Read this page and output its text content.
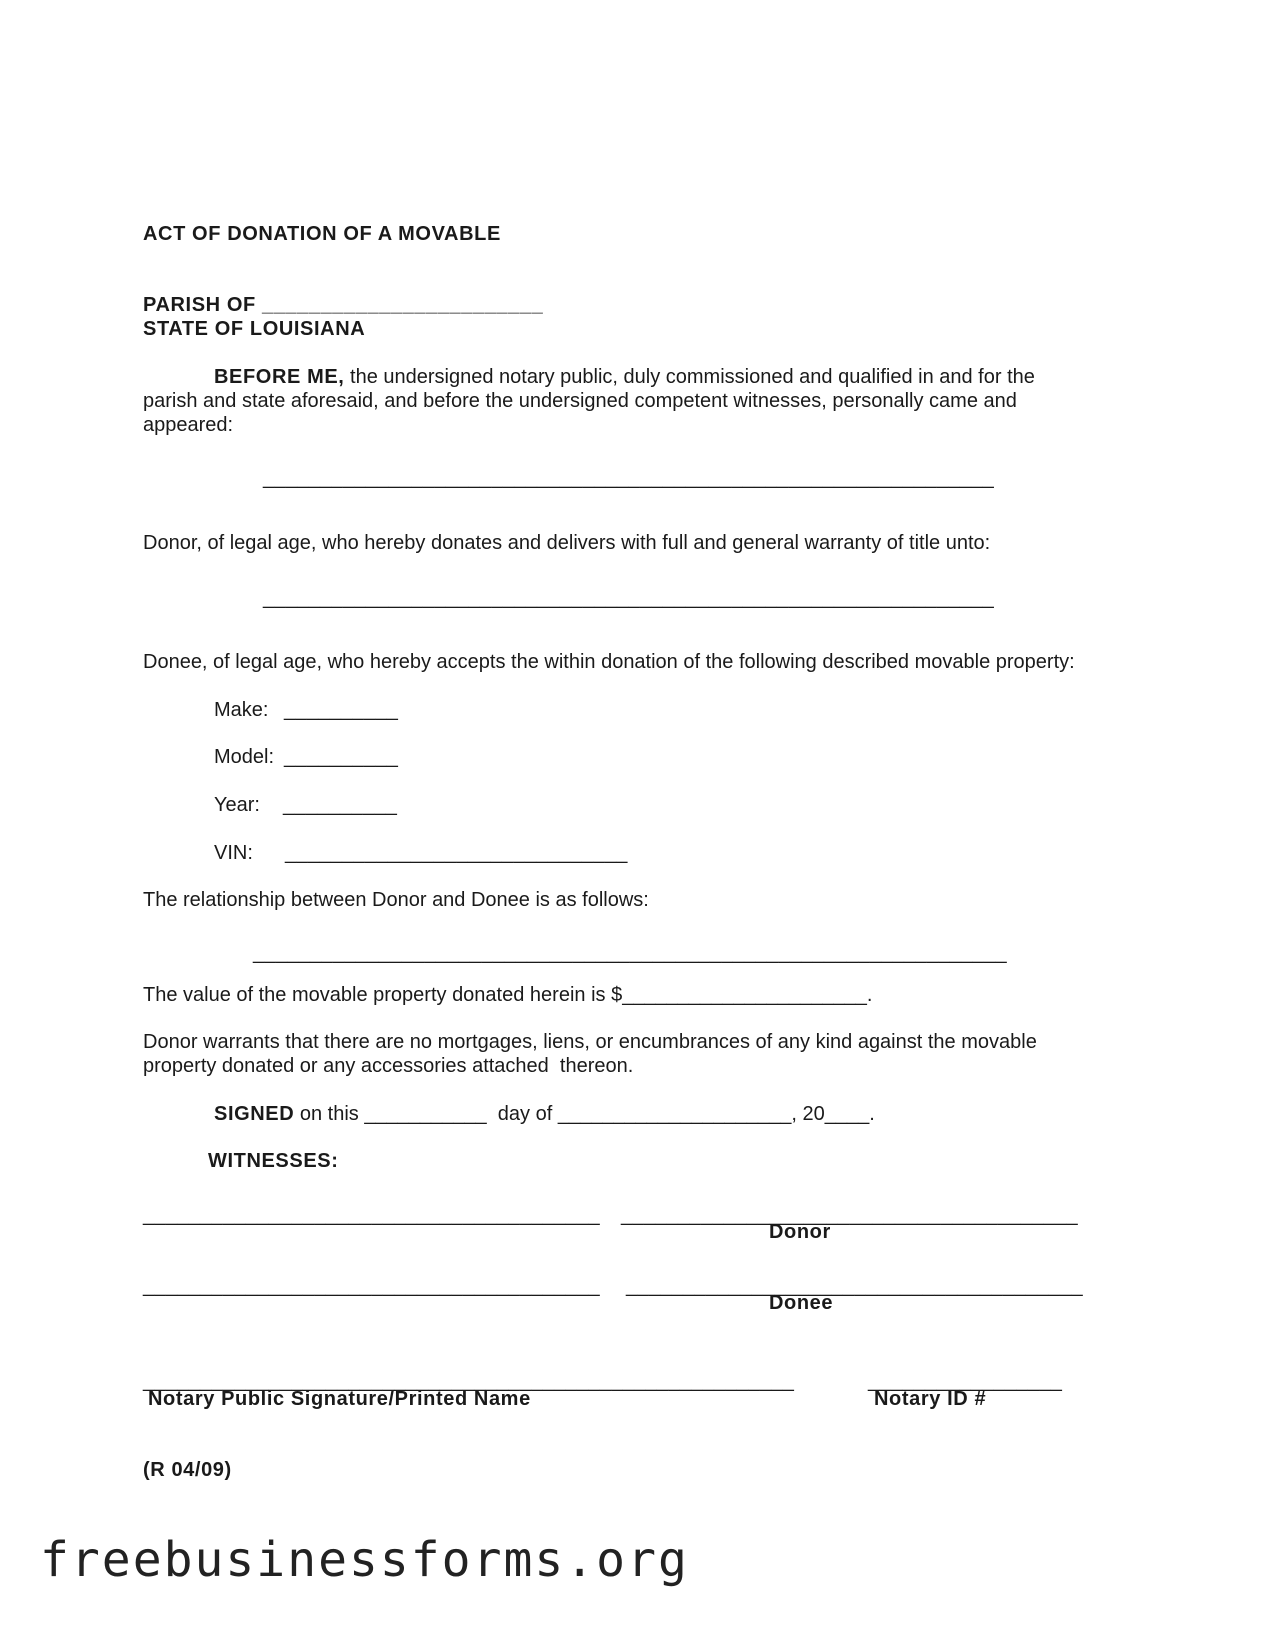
ACT OF DONATION OF A MOVABLE
PARISH OF ________________________
STATE OF LOUISIANA
BEFORE ME, the undersigned notary public, duly commissioned and qualified in and for the
parish and state aforesaid, and before the undersigned competent witnesses, personally came and
appeared:
________________________________________________________________
Donor, of legal age, who hereby donates and delivers with full and general warranty of title unto:
________________________________________________________________
Donee, of legal age, who hereby accepts the within donation of the following described movable property:
Make: __________
Model: __________
Year: __________
VIN: ______________________________
The relationship between Donor and Donee is as follows:
__________________________________________________________________
The value of the movable property donated herein is $______________________.
Donor warrants that there are no mortgages, liens, or encumbrances of any kind against the movable
property donated or any accessories attached  thereon.
SIGNED on this ___________  day of _____________________, 20____.
WITNESSES:
________________________________________ ________________________________________
Donor
________________________________________ ________________________________________
Donee
_________________________________________________________	_________________
Notary Public Signature/Printed Name	Notary ID #
(R 04/09)
freebusinessforms.org
